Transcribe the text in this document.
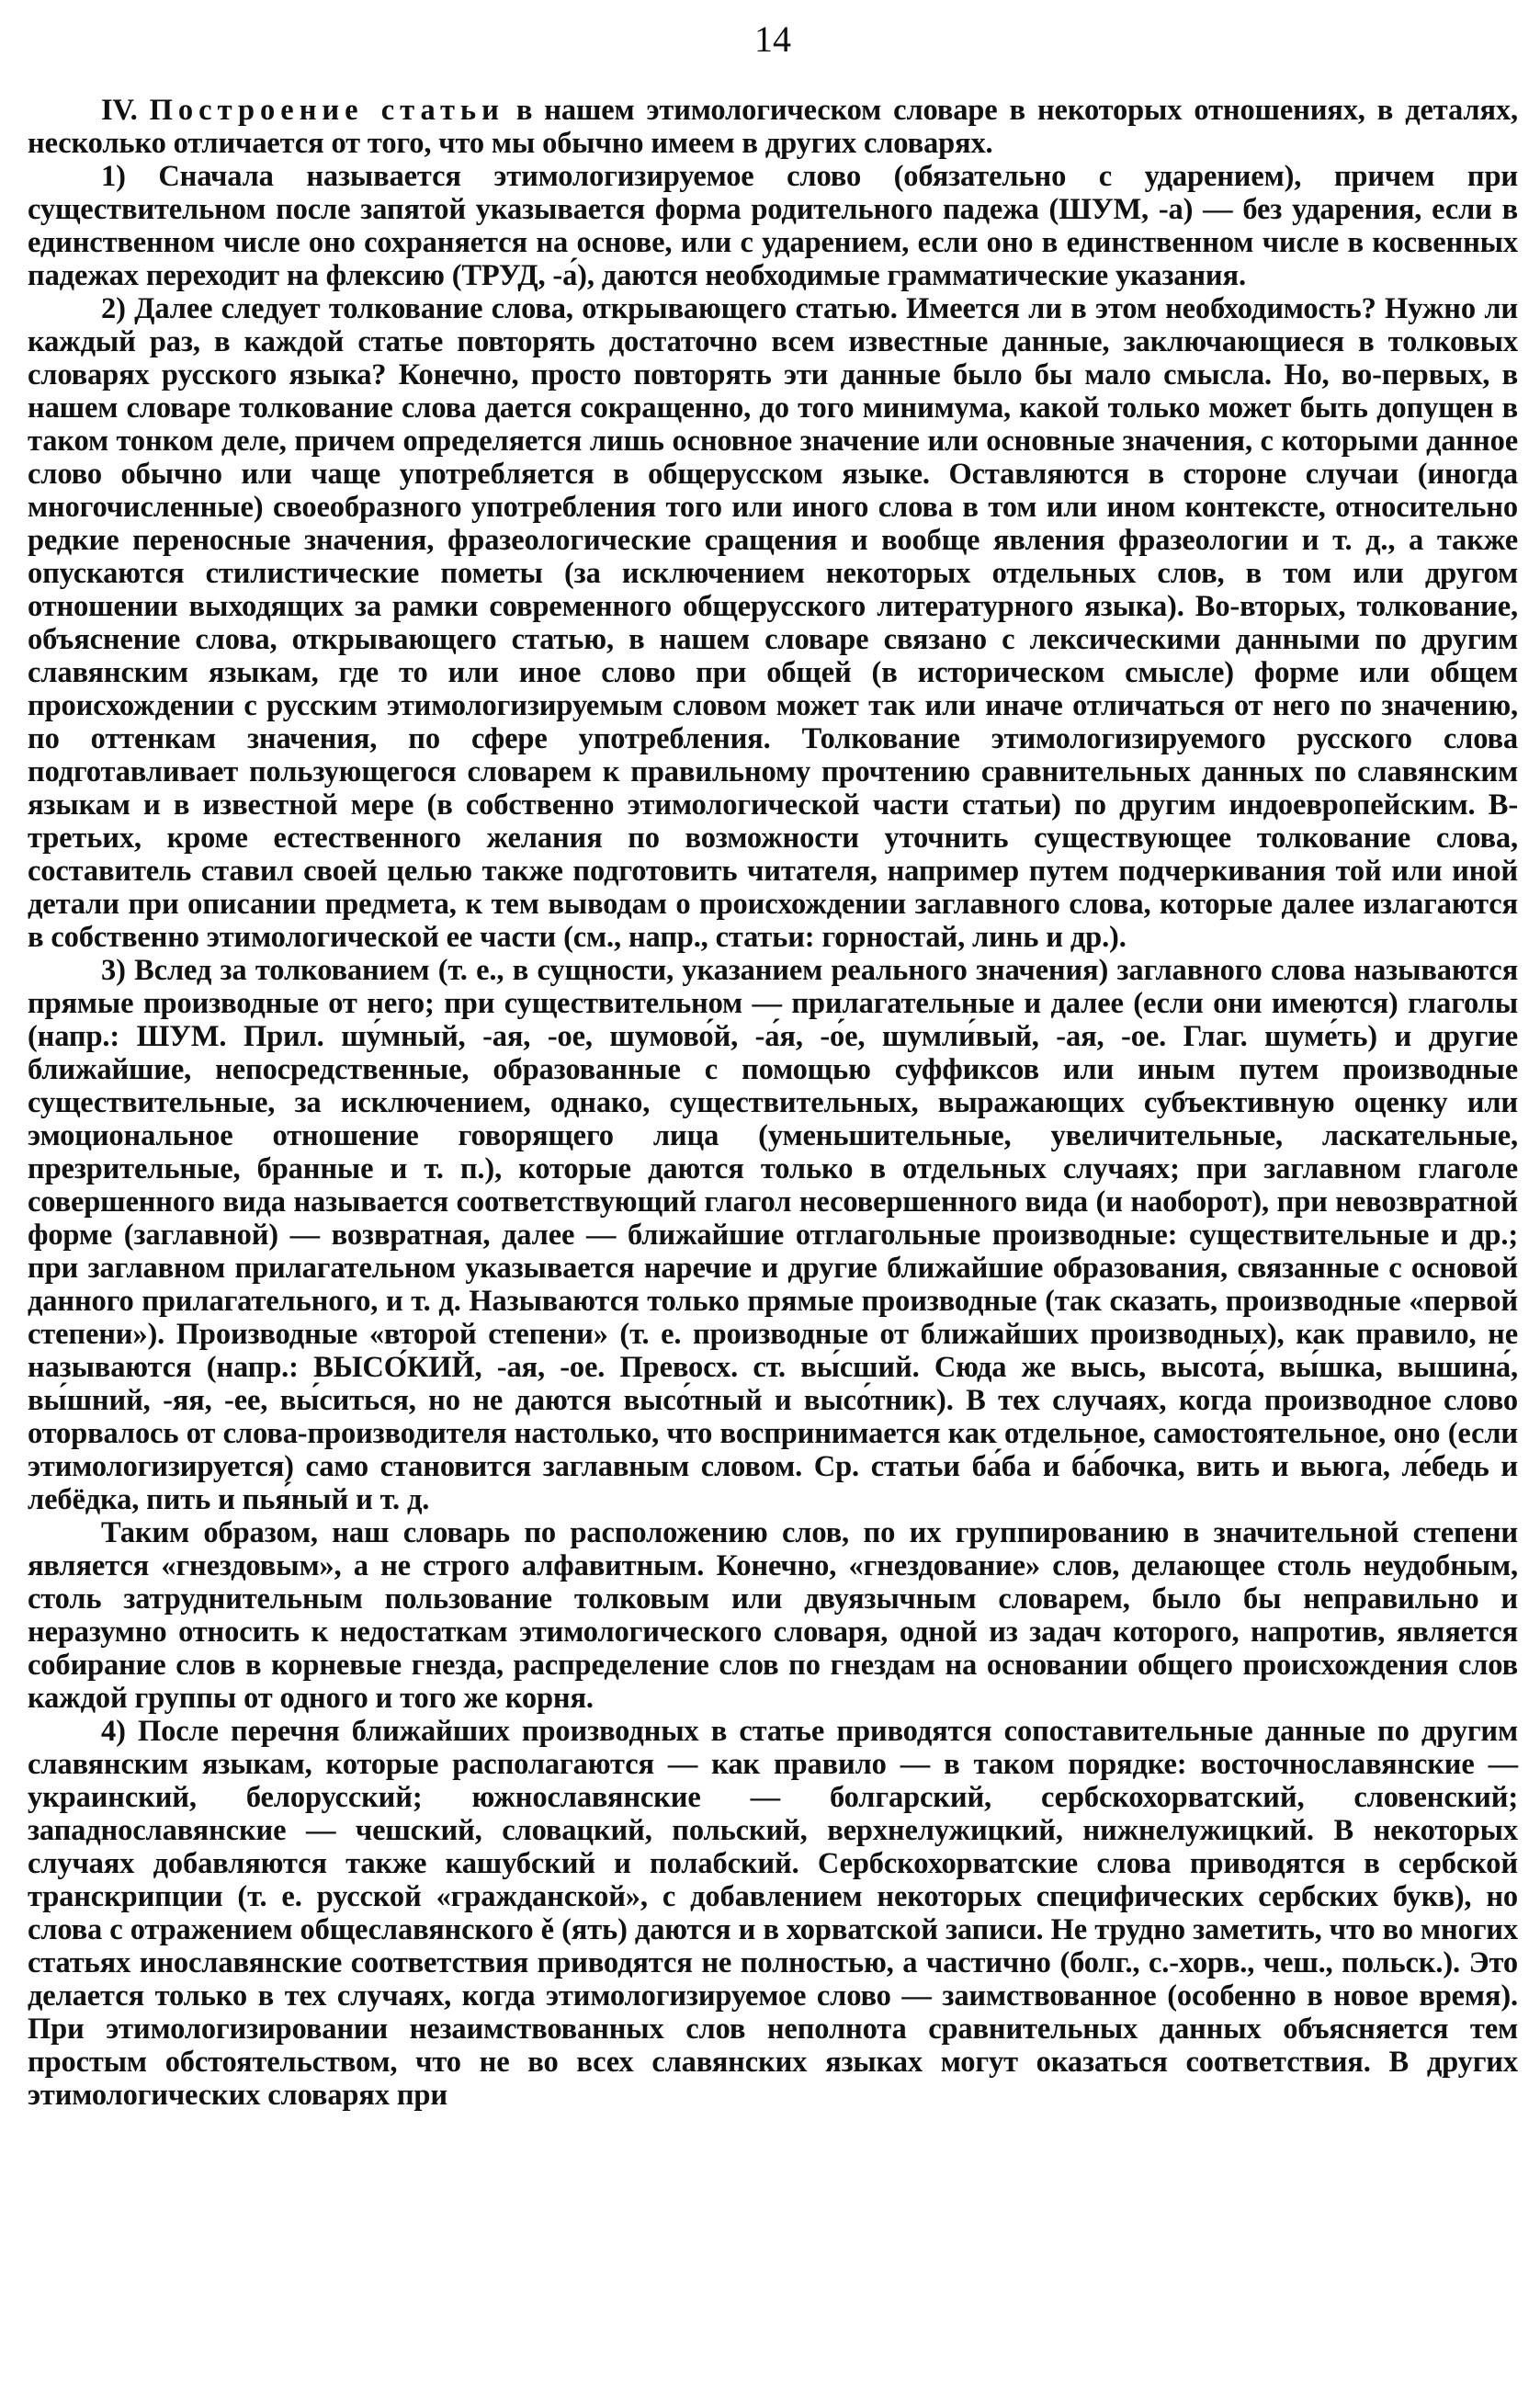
14

IV. Построение статьи в нашем этимологическом словаре в некоторых отношениях, в деталях, несколько отличается от того, что мы обычно имеем в других словарях.

1) Сначала называется этимологизируемое слово (обязательно с ударением), причем при существительном после запятой указывается форма родительного падежа (ШУМ, -а) — без ударения, если в единственном числе оно сохраняется на основе, или с ударением, если оно в единственном числе в косвенных падежах переходит на флексию (ТРУД, -а́), даются необходимые грамматические указания.

2) Далее следует толкование слова, открывающего статью. Имеется ли в этом необходимость? Нужно ли каждый раз, в каждой статье повторять достаточно всем известные данные, заключающиеся в толковых словарях русского языка? Конечно, просто повторять эти данные было бы мало смысла. Но, во-первых, в нашем словаре толкование слова дается сокращенно, до того минимума, какой только может быть допущен в таком тонком деле, причем определяется лишь основное значение или основные значения, с которыми данное слово обычно или чаще употребляется в общерусском языке. Оставляются в стороне случаи (иногда многочисленные) своеобразного употребления того или иного слова в том или ином контексте, относительно редкие переносные значения, фразеологические сращения и вообще явления фразеологии и т. д., а также опускаются стилистические пометы (за исключением некоторых отдельных слов, в том или другом отношении выходящих за рамки современного общерусского литературного языка). Во-вторых, толкование, объяснение слова, открывающего статью, в нашем словаре связано с лексическими данными по другим славянским языкам, где то или иное слово при общей (в историческом смысле) форме или общем происхождении с русским этимологизируемым словом может так или иначе отличаться от него по значению, по оттенкам значения, по сфере употребления. Толкование этимологизируемого русского слова подготавливает пользующегося словарем к правильному прочтению сравнительных данных по славянским языкам и в известной мере (в собственно этимологической части статьи) по другим индоевропейским. В-третьих, кроме естественного желания по возможности уточнить существующее толкование слова, составитель ставил своей целью также подготовить читателя, например путем подчеркивания той или иной детали при описании предмета, к тем выводам о происхождении заглавного слова, которые далее излагаются в собственно этимологической ее части (см., напр., статьи: горностай, линь и др.).

3) Вслед за толкованием (т. е., в сущности, указанием реального значения) заглавного слова называются прямые производные от него; при существительном — прилагательные и далее (если они имеются) глаголы (напр.: ШУМ. Прил. шу́мный, -ая, -ое, шумово́й, -а́я, -о́е, шумли́вый, -ая, -ое. Глаг. шуме́ть) и другие ближайшие, непосредственные, образованные с помощью суффиксов или иным путем производные существительные, за исключением, однако, существительных, выражающих субъективную оценку или эмоциональное отношение говорящего лица (уменьшительные, увеличительные, ласкательные, презрительные, бранные и т. п.), которые даются только в отдельных случаях; при заглавном глаголе совершенного вида называется соответствующий глагол несовершенного вида (и наоборот), при невозвратной форме (заглавной) — возвратная, далее — ближайшие отглагольные производные: существительные и др.; при заглавном прилагательном указывается наречие и другие ближайшие образования, связанные с основой данного прилагательного, и т. д. Называются только прямые производные (так сказать, производные «первой степени»). Производные «второй степени» (т. е. производные от ближайших производных), как правило, не называются (напр.: ВЫСО́КИЙ, -ая, -ое. Превосх. ст. вы́сший. Сюда же высь, высота́, вы́шка, вышина́, вы́шний, -яя, -ее, вы́ситься, но не даются высо́тный и высо́тник). В тех случаях, когда производное слово оторвалось от слова-производителя настолько, что воспринимается как отдельное, самостоятельное, оно (если этимологизируется) само становится заглавным словом. Ср. статьи ба́ба и ба́бочка, вить и вьюга, ле́бедь и лебёдка, пить и пья́ный и т. д.

Таким образом, наш словарь по расположению слов, по их группированию в значительной степени является «гнездовым», а не строго алфавитным. Конечно, «гнездование» слов, делающее столь неудобным, столь затруднительным пользование толковым или двуязычным словарем, было бы неправильно и неразумно относить к недостаткам этимологического словаря, одной из задач которого, напротив, является собирание слов в корневые гнезда, распределение слов по гнездам на основании общего происхождения слов каждой группы от одного и того же корня.

4) После перечня ближайших производных в статье приводятся сопоставительные данные по другим славянским языкам, которые располагаются — как правило — в таком порядке: восточнославянские — украинский, белорусский; южнославянские — болгарский, сербскохорватский, словенский; западнославянские — чешский, словацкий, польский, верхнелужицкий, нижнелужицкий. В некоторых случаях добавляются также кашубский и полабский. Сербскохорватские слова приводятся в сербской транскрипции (т. е. русской «гражданской», с добавлением некоторых специфических сербских букв), но слова с отражением общеславянского ě (ять) даются и в хорватской записи. Не трудно заметить, что во многих статьях инославянские соответствия приводятся не полностью, а частично (болг., с.-хорв., чеш., польск.). Это делается только в тех случаях, когда этимологизируемое слово — заимствованное (особенно в новое время). При этимологизировании незаимствованных слов неполнота сравнительных данных объясняется тем простым обстоятельством, что не во всех славянских языках могут оказаться соответствия. В других этимологических словарях при
